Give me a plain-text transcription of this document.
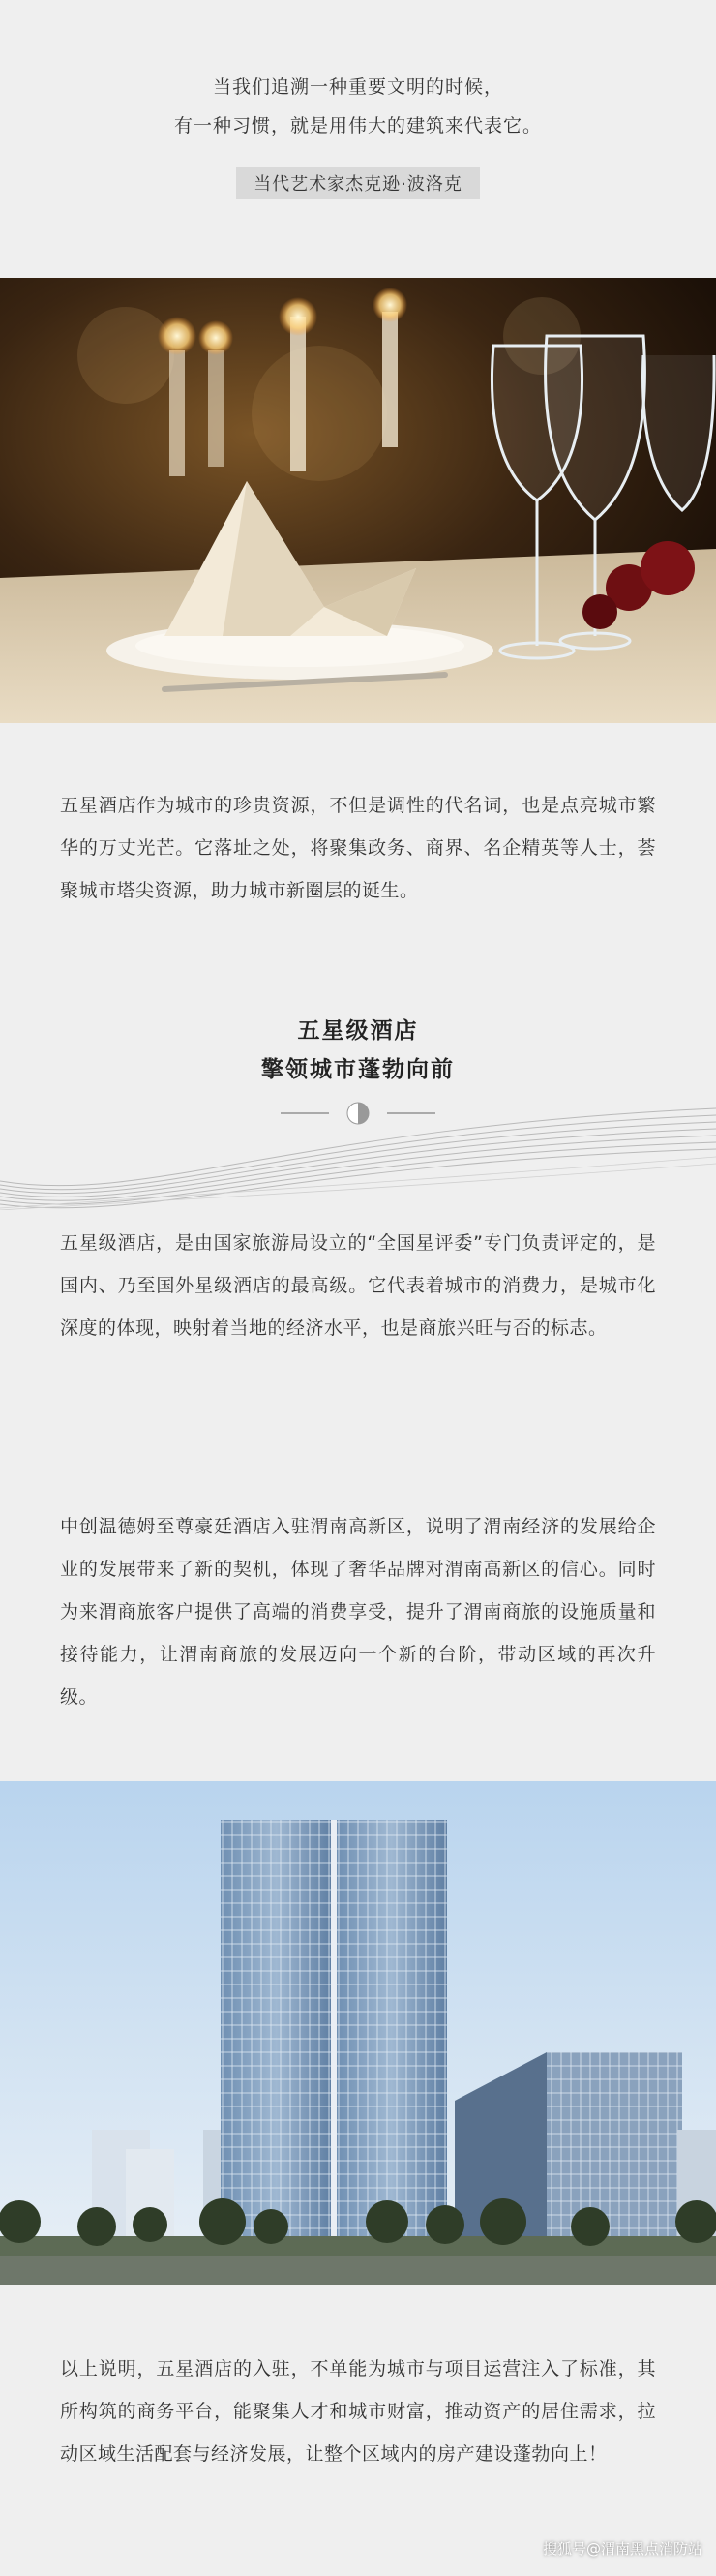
当我们追溯一种重要文明的时候，
有一种习惯，就是用伟大的建筑来代表它。
当代艺术家杰克逊·波洛克
五星酒店作为城市的珍贵资源，不但是调性的代名词，也是点亮城市繁华的万丈光芒。它落址之处，将聚集政务、商界、名企精英等人士，荟聚城市塔尖资源，助力城市新圈层的诞生。
五星级酒店
擎领城市蓬勃向前
五星级酒店，是由国家旅游局设立的“全国星评委”专门负责评定的，是国内、乃至国外星级酒店的最高级。它代表着城市的消费力，是城市化深度的体现，映射着当地的经济水平，也是商旅兴旺与否的标志。
中创温德姆至尊豪廷酒店入驻渭南高新区，说明了渭南经济的发展给企业的发展带来了新的契机，体现了奢华品牌对渭南高新区的信心。同时为来渭商旅客户提供了高端的消费享受，提升了渭南商旅的设施质量和接待能力，让渭南商旅的发展迈向一个新的台阶，带动区域的再次升级。
以上说明，五星酒店的入驻，不单能为城市与项目运营注入了标准，其所构筑的商务平台，能聚集人才和城市财富，推动资产的居住需求，拉动区域生活配套与经济发展，让整个区域内的房产建设蓬勃向上！
搜狐号@渭南黑点消防站
